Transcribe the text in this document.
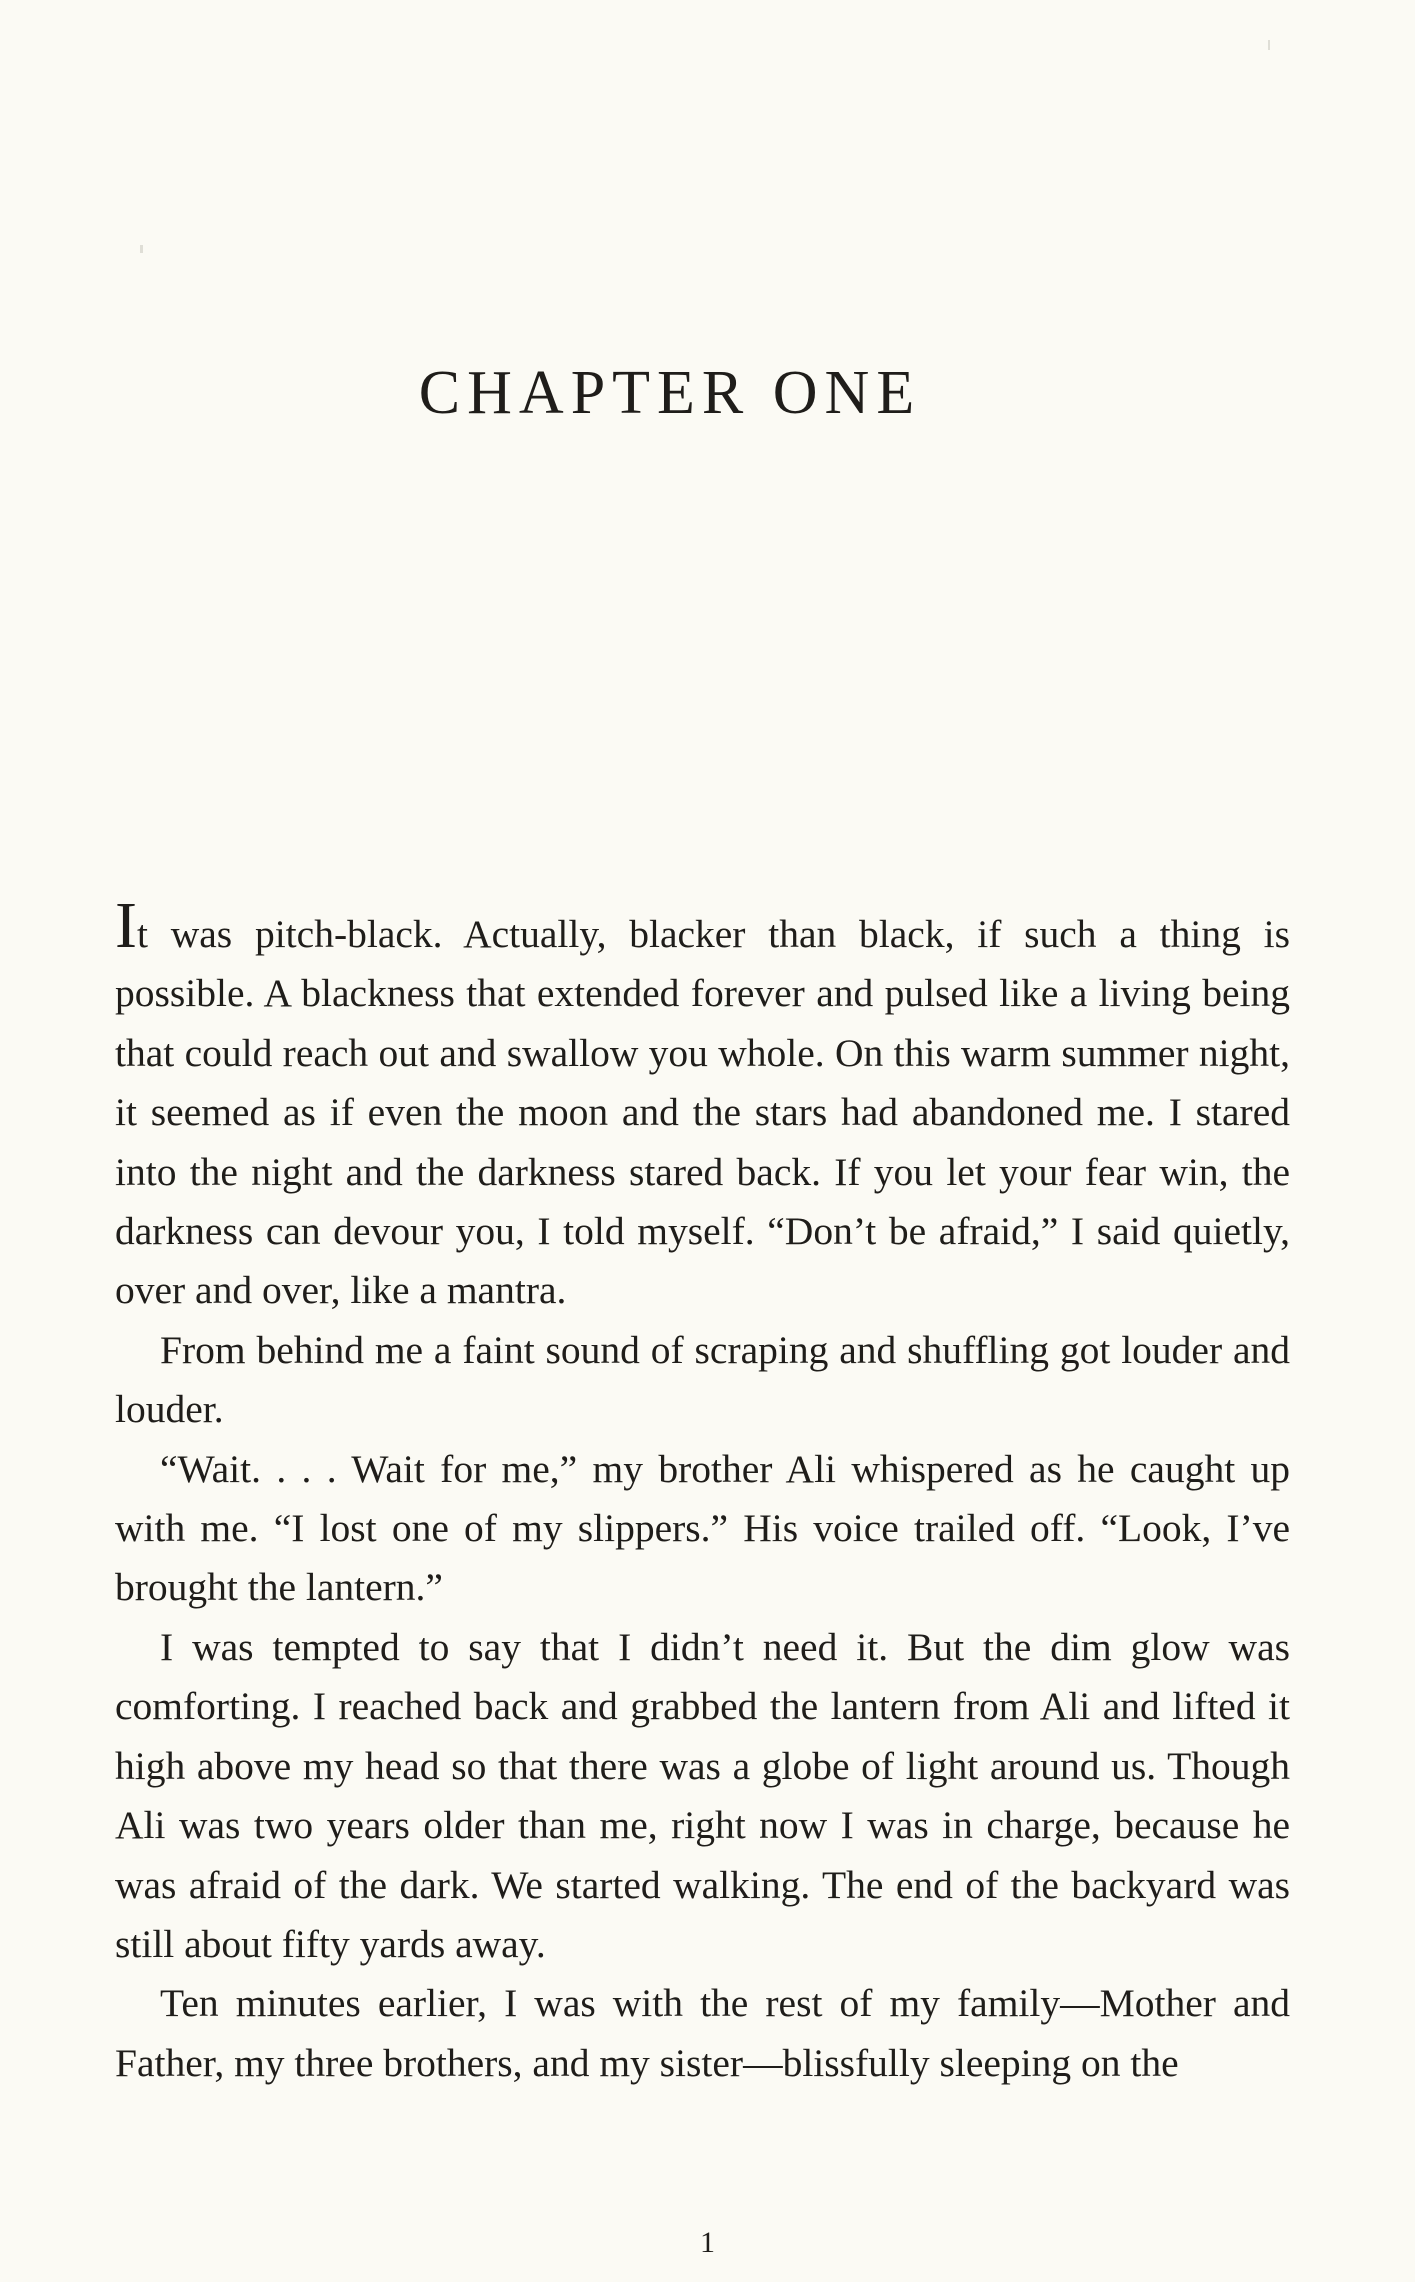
CHAPTER ONE

It was pitch-black. Actually, blacker than black, if such a thing is possible. A blackness that extended forever and pulsed like a living being that could reach out and swallow you whole. On this warm summer night, it seemed as if even the moon and the stars had abandoned me. I stared into the night and the darkness stared back. If you let your fear win, the darkness can devour you, I told myself. “Don’t be afraid,” I said quietly, over and over, like a mantra.

From behind me a faint sound of scraping and shuffling got louder and louder.

“Wait. . . . Wait for me,” my brother Ali whispered as he caught up with me. “I lost one of my slippers.” His voice trailed off. “Look, I’ve brought the lantern.”

I was tempted to say that I didn’t need it. But the dim glow was comforting. I reached back and grabbed the lantern from Ali and lifted it high above my head so that there was a globe of light around us. Though Ali was two years older than me, right now I was in charge, because he was afraid of the dark. We started walking. The end of the backyard was still about fifty yards away.

Ten minutes earlier, I was with the rest of my family—Mother and Father, my three brothers, and my sister—blissfully sleeping on the

1
